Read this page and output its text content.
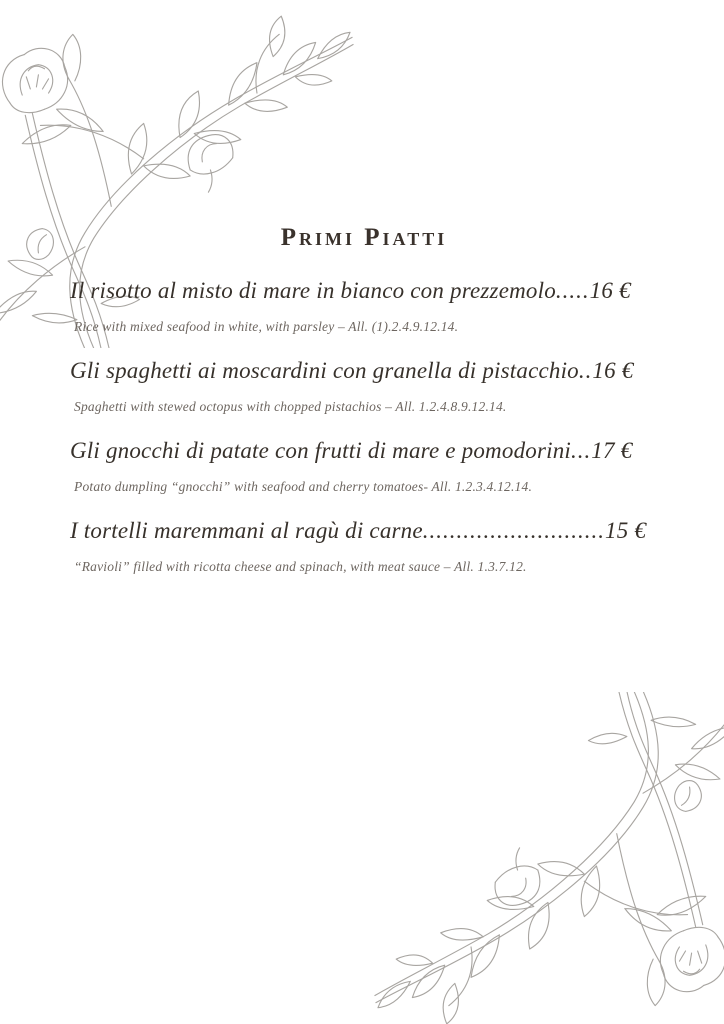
Primi Piatti

Il risotto al misto di mare in bianco con prezzemolo.....16 €

Rice with mixed seafood in white, with parsley – All. (1).2.4.9.12.14.

Gli spaghetti ai moscardini con granella di pistacchio..16 €

Spaghetti with stewed octopus with chopped pistachios – All. 1.2.4.8.9.12.14.

Gli gnocchi di patate con frutti di mare e pomodorini...17 €

Potato dumpling “gnocchi” with seafood and cherry tomatoes- All. 1.2.3.4.12.14.

I tortelli maremmani al ragù di carne...........................15 €

“Ravioli” filled with ricotta cheese and spinach, with meat sauce – All. 1.3.7.12.
